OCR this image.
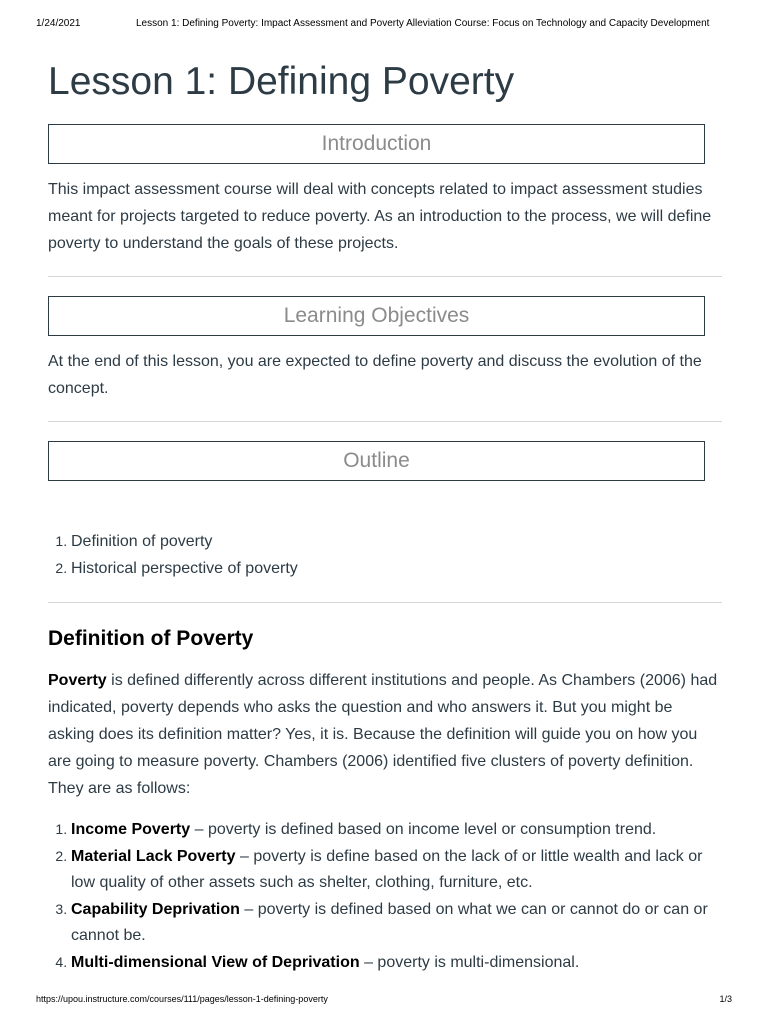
1/24/2021	Lesson 1: Defining Poverty: Impact Assessment and Poverty Alleviation Course: Focus on Technology and Capacity Development
Lesson 1: Defining Poverty
Introduction

This impact assessment course will deal with concepts related to impact assessment studies meant for projects targeted to reduce poverty. As an introduction to the process, we will define poverty to understand the goals of these projects.

Learning Objectives

At the end of this lesson, you are expected to define poverty and discuss the evolution of the concept.

Outline
1. Definition of poverty
2. Historical perspective of poverty
Definition of Poverty

Poverty is defined differently across different institutions and people. As Chambers (2006) had indicated, poverty depends who asks the question and who answers it. But you might be asking does its definition matter? Yes, it is. Because the definition will guide you on how you are going to measure poverty. Chambers (2006) identified five clusters of poverty definition. They are as follows:

1. Income Poverty – poverty is defined based on income level or consumption trend.
2. Material Lack Poverty – poverty is define based on the lack of or little wealth and lack or low quality of other assets such as shelter, clothing, furniture, etc.
3. Capability Deprivation – poverty is defined based on what we can or cannot do or can or cannot be.
4. Multi-dimensional View of Deprivation – poverty is multi-dimensional.
https://upou.instructure.com/courses/111/pages/lesson-1-defining-poverty	1/3
